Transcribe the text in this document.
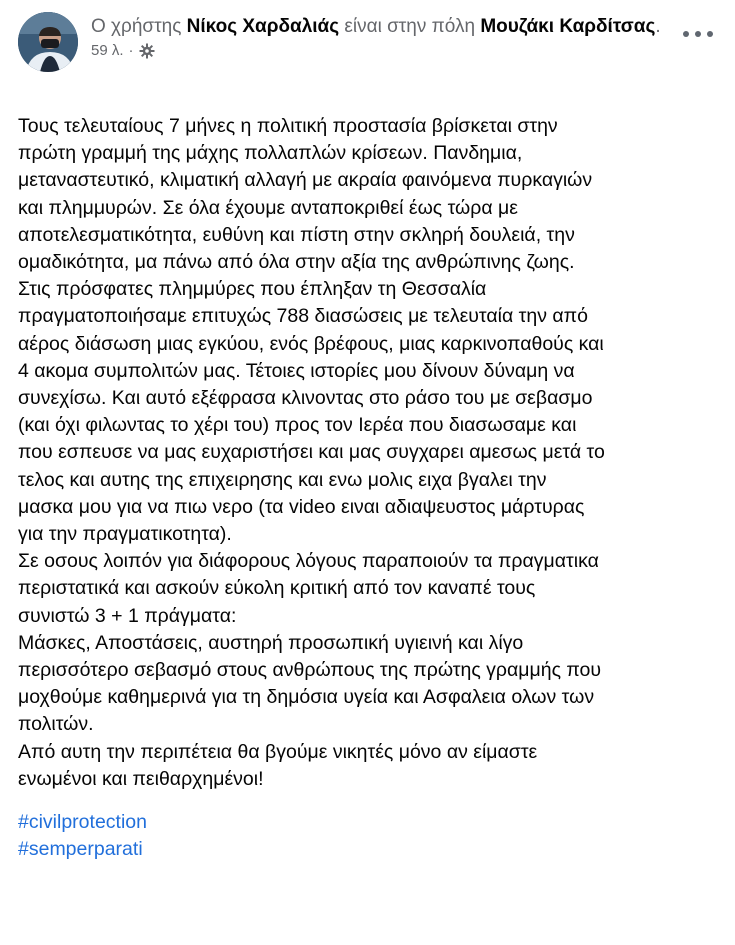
Ο χρήστης Νίκος Χαρδαλιάς είναι στην πόλη Μουζάκι Καρδίτσας.

59 λ. ·

Τους τελευταίους 7 μήνες η πολιτική προστασία βρίσκεται στην

πρώτη γραμμή της μάχης πολλαπλών κρίσεων. Πανδημια,

μεταναστευτικό, κλιματική αλλαγή με ακραία φαινόμενα πυρκαγιών

και πλημμυρών. Σε όλα έχουμε ανταποκριθεί έως τώρα με

αποτελεσματικότητα, ευθύνη και πίστη στην σκληρή δουλειά, την

ομαδικότητα, μα πάνω από όλα στην αξία της ανθρώπινης ζωης.

Στις πρόσφατες πλημμύρες που έπληξαν τη Θεσσαλία

πραγματοποιήσαμε επιτυχώς 788 διασώσεις με τελευταία την από

αέρος διάσωση μιας εγκύου, ενός βρέφους, μιας καρκινοπαθούς και

4 ακομα συμπολιτών μας. Τέτοιες ιστορίες μου δίνουν δύναμη να

συνεχίσω. Και αυτό εξέφρασα κλινοντας στο ράσο του με σεβασμο

(και όχι φιλωντας το χέρι του) προς τον Ιερέα που διασωσαμε και

που εσπευσε να μας ευχαριστήσει και μας συγχαρει αμεσως μετά το

τελος και αυτης της επιχειρησης και ενω μολις ειχα βγαλει την

μασκα μου για να πιω νερο (τα video ειναι αδιαψευστος μάρτυρας

για την πραγματικοτητα).

Σε οσους λοιπόν για διάφορους λόγους παραποιούν τα πραγματικα

περιστατικά και ασκούν εύκολη κριτική από τον καναπέ τους

συνιστώ 3 + 1 πράγματα:

Μάσκες, Αποστάσεις, αυστηρή προσωπική υγιεινή και λίγο

περισσότερο σεβασμό στους ανθρώπους της πρώτης γραμμής που

μοχθούμε καθημερινά για τη δημόσια υγεία και Ασφαλεια ολων των

πολιτών.

Από αυτη την περιπέτεια θα βγούμε νικητές μόνο αν είμαστε

ενωμένοι και πειθαρχημένοι!

#civilprotection
#semperparati
